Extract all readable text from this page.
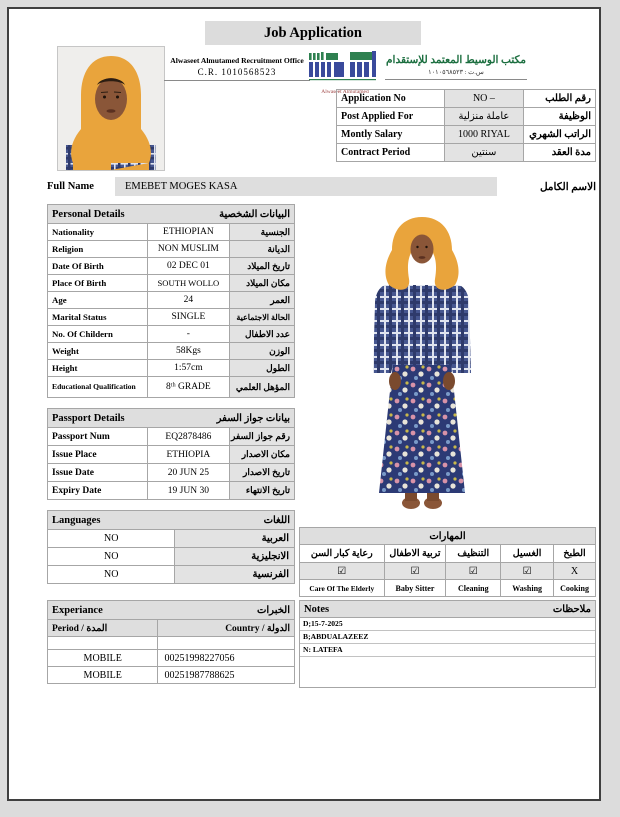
Job Application
Alwaseet Almutamed Recruitment Office
C.R. 1010568523
Alwaseet Almutamed
مكتب الوسيط المعتمد للإستقدام
س.ت : ١٠١٠٥٦٨٥٢٣
Application No	NO –	رقم الطلب
Post Applied For	عاملة منزلية	الوظيفة
Montly Salary	1000 RIYAL	الراتب الشهري
Contract Period	سنتين	مدة العقد
Full Name	EMEBET MOGES KASA	الاسم الكامل
Personal Details البيانات الشخصية		

Nationality	ETHIOPIAN	الجنسية
Religion	NON MUSLIM	الديانة
Date Of Birth	02 DEC 01	تاريخ الميلاد
Place Of Birth	SOUTH WOLLO	مكان الميلاد
Age	24	العمر
Marital Status	SINGLE	الحالة الاجتماعية
No. Of Childern	-	عدد الاطفال
Weight	58Kgs	الوزن
Height	1:57cm	الطول
Educational Qualification	8ᵗʰ GRADE	المؤهل العلمي
Passport Details بيانات جواز السفر		

Passport Num	EQ2878486	رقم جواز السفر
Issue Place	ETHIOPIA	مكان الاصدار
Issue Date	20 JUN 25	تاريخ الاصدار
Expiry Date	19 JUN 30	تاريخ الانتهاء
Languages اللغات	

NO	العربية
NO	الانجليزية
NO	الفرنسية
Experiance الخبرات	

Period / المدة	Country / الدولة

MOBILE	00251998227056
MOBILE	00251987788625
المهارات				
رعاية كبار السن	تربية الاطفال	التنظيف	الغسيل	الطبخ
☑	☑	☑	☑	X
Care Of The Elderly	Baby Sitter	Cleaning	Washing	Cooking
Notes	ملاحظات
D;15-7-2025
B;ABDUALAZEEZ
N: LATEFA
